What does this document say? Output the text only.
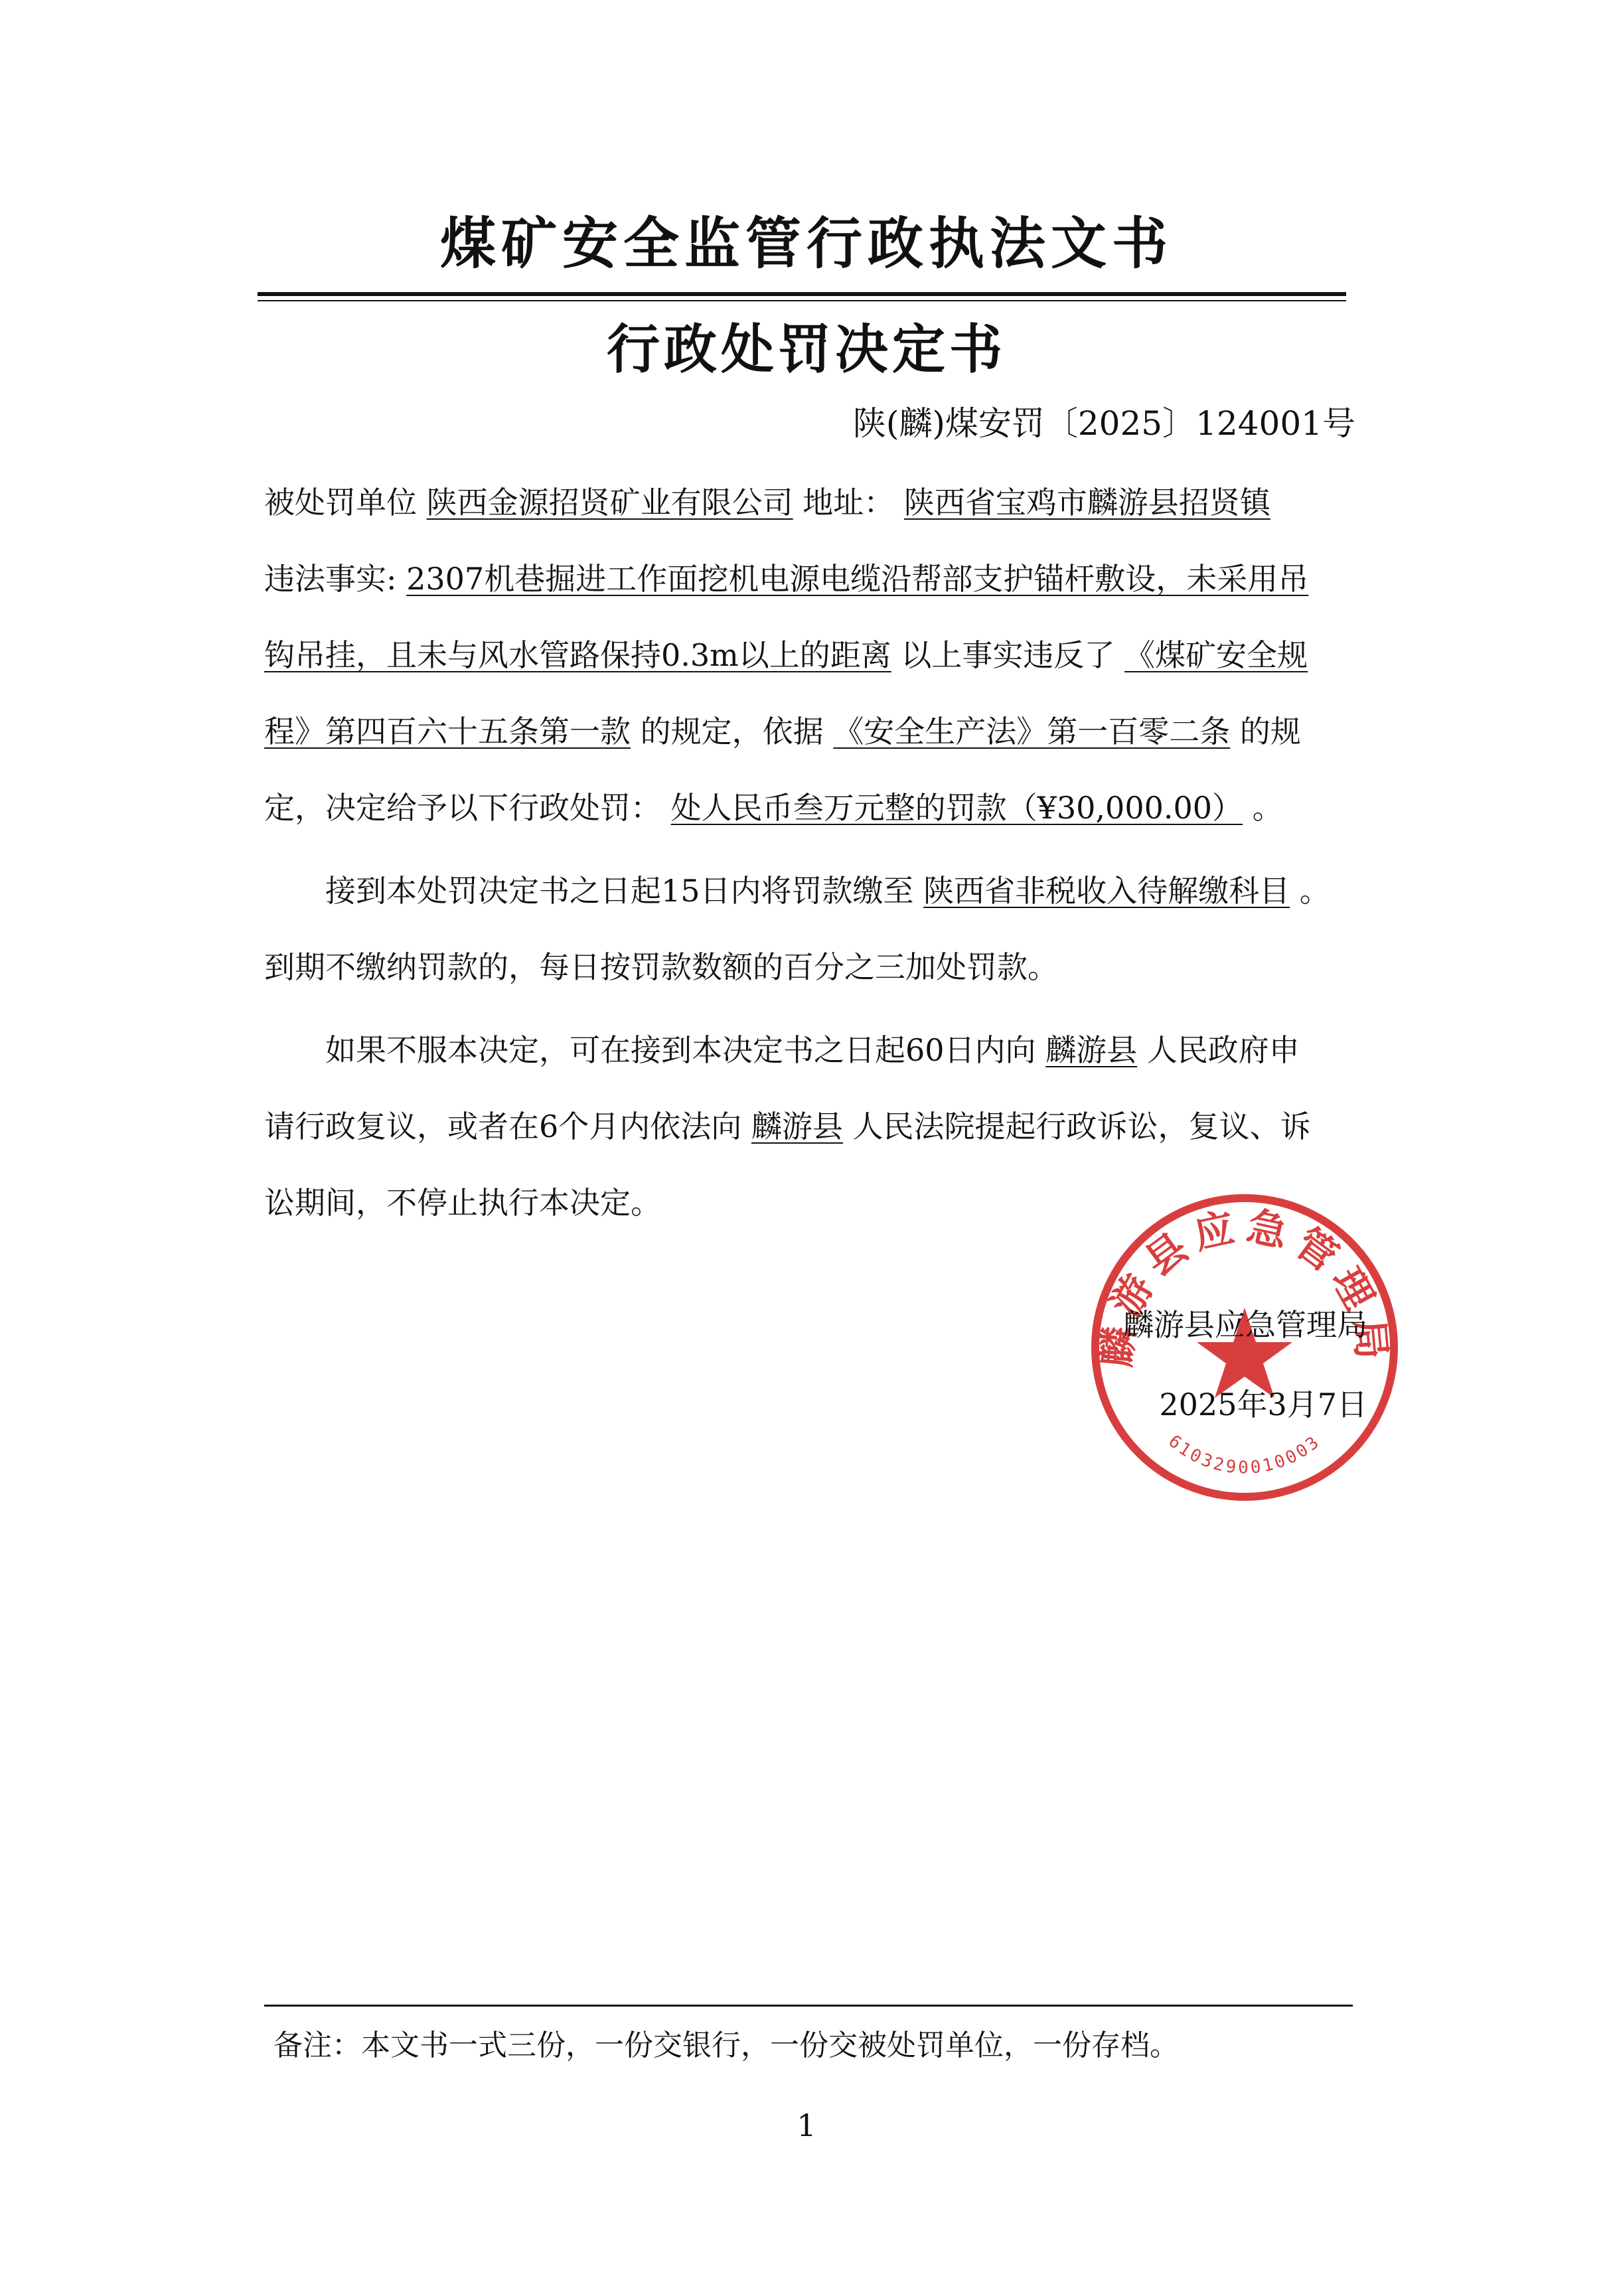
煤矿安全监管行政执法文书
行政处罚决定书
陕(麟)煤安罚〔2025〕124001号

被处罚单位 陕西金源招贤矿业有限公司 地址： 陕西省宝鸡市麟游县招贤镇

违法事实: 2307机巷掘进工作面挖机电源电缆沿帮部支护锚杆敷设，未采用吊

钩吊挂，且未与风水管路保持0.3m以上的距离 以上事实违反了 《煤矿安全规

程》第四百六十五条第一款 的规定，依据 《安全生产法》第一百零二条 的规

定，决定给予以下行政处罚： 处人民币叁万元整的罚款（¥30,000.00） 。

接到本处罚决定书之日起15日内将罚款缴至 陕西省非税收入待解缴科目 。

到期不缴纳罚款的，每日按罚款数额的百分之三加处罚款。

如果不服本决定，可在接到本决定书之日起60日内向 麟游县 人民政府申

请行政复议，或者在6个月内依法向 麟游县 人民法院提起行政诉讼，复议、诉

讼期间，不停止执行本决定。

麟游县应急管理局
6103290010003
麟游县应急管理局
2025年3月7日
备注：本文书一式三份，一份交银行，一份交被处罚单位，一份存档。
1
